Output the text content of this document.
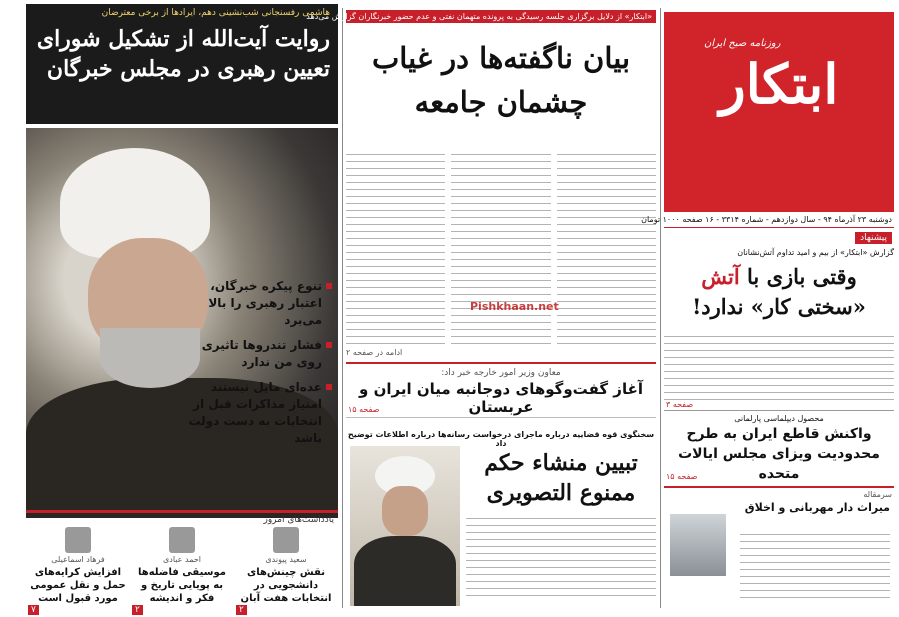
هاشمی رفسنجانی شب‌نشینی دهم، ایرادها از برخی معترضان
روایت آیت‌الله از تشکیل شورای تعیین رهبری در مجلس خبرگان
تنوع پیکره خبرگان، اعتبار رهبری را بالا می‌برد
فشار تندروها تاثیری روی من ندارد
عده‌ای مایل نیستند امتیاز مذاکرات قبل از انتخابات به دست دولت باشد
یادداشت‌های امروز
سعید پیوندی
نقش چینش‌های دانشجویی در انتخابات هفت آبان
۲
احمد عبادی
موسیقی فاضله‌ها به پویایی تاریخ و فکر و اندیشه
۲
فرهاد اسماعیلی
افزایش کرایه‌های حمل و نقل عمومی مورد قبول است
۷
«ابتکار» از دلایل برگزاری جلسه رسیدگی به پرونده متهمان نفتی و عدم حضور خبرنگاران گزارش می‌دهد
بیان ناگفته‌ها در غیاب چشمان جامعه
ادامه در صفحه ۲
معاون وزیر امور خارجه خبر داد:
آغاز گفت‌وگوهای دوجانبه میان ایران و عربستان
صفحه ۱۵
سخنگوی قوه قضاییه درباره ماجرای درخواست رسانه‌ها درباره اطلاعات توضیح داد
تبیین منشاء حکم ممنوع التصویری
Pishkhaan.net
روزنامه صبح ایران
ابتکار
دوشنبه ۲۳ آذرماه ۹۴ - سال دوازدهم - شماره ۳۳۱۴ - ۱۶ صفحه ۱۰۰۰ تومان
پیشنهاد
گزارش «ابتکار» از بیم و امید تداوم آتش‌نشانان
وقتی بازی با آتش
«سختی کار» ندارد!
صفحه ۳
محصول دیپلماسی پارلمانی
واکنش قاطع ایران به طرح محدودیت ویزای مجلس ایالات متحده
صفحه ۱۵
سرمقاله
میراث دار مهربانی و اخلاق
